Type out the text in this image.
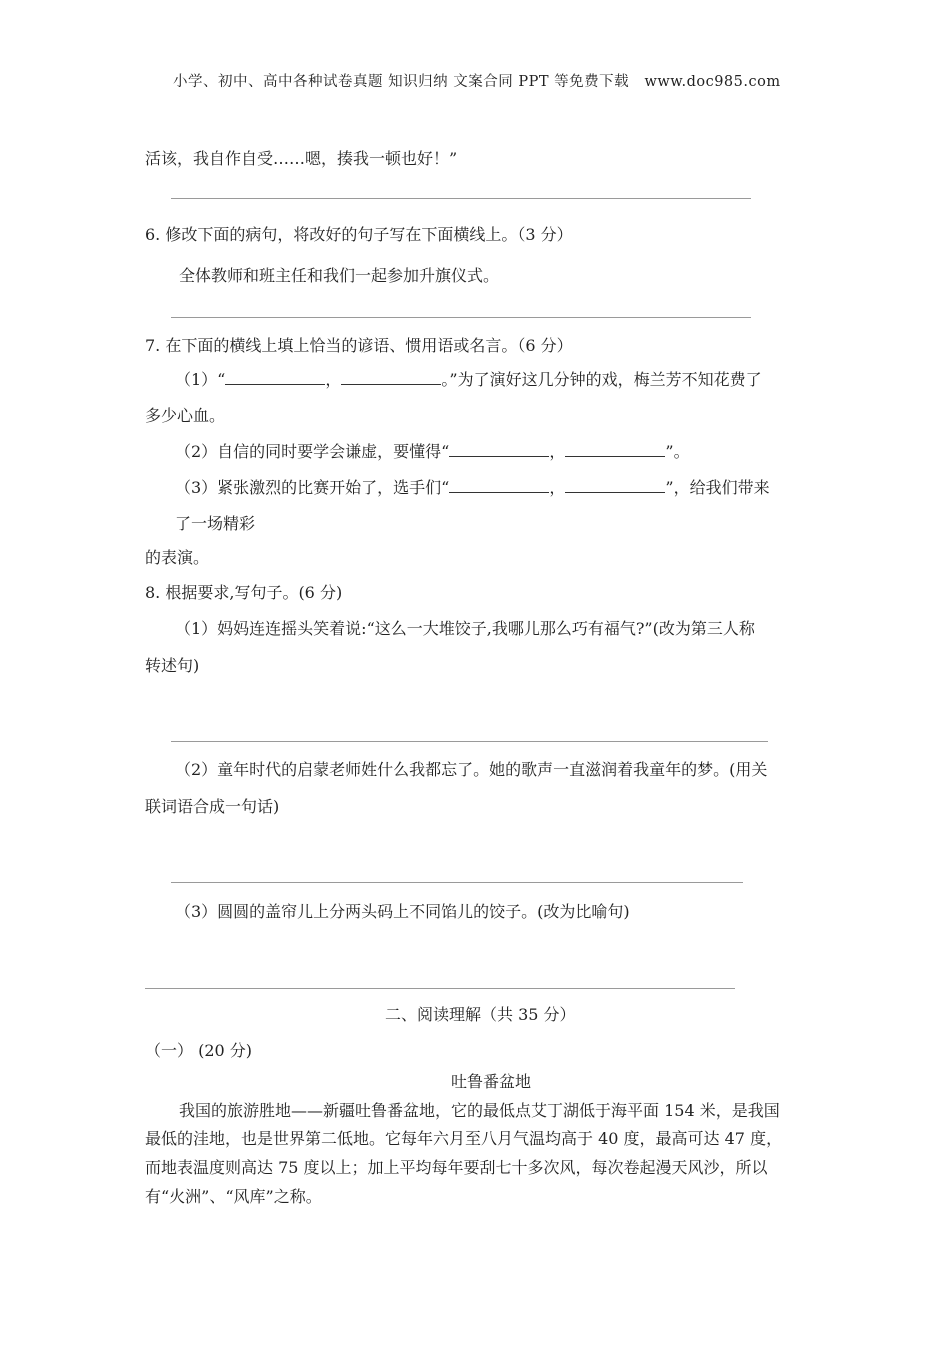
小学、初中、高中各种试卷真题 知识归纳 文案合同 PPT 等免费下载 www.doc985.com
活该，我自作自受……嗯，揍我一顿也好！”
6. 修改下面的病句，将改好的句子写在下面横线上。（3 分）
全体教师和班主任和我们一起参加升旗仪式。
7. 在下面的横线上填上恰当的谚语、惯用语或名言。（6 分）
（1）“	，	。”为了演好这几分钟的戏，梅兰芳不知花费了
多少心血。
（2）自信的同时要学会谦虚，要懂得“	，	”。
（3）紧张激烈的比赛开始了，选手们“	，	”，给我们带来
了一场精彩
的表演。
8. 根据要求,写句子。(6 分)
（1）妈妈连连摇头笑着说:“这么一大堆饺子,我哪儿那么巧有福气?”(改为第三人称
转述句)
（2）童年时代的启蒙老师姓什么我都忘了。她的歌声一直滋润着我童年的梦。(用关
联词语合成一句话)
（3）圆圆的盖帘儿上分两头码上不同馅儿的饺子。(改为比喻句)
二、阅读理解（共 35 分）
（一） (20 分)
吐鲁番盆地
我国的旅游胜地——新疆吐鲁番盆地，它的最低点艾丁湖低于海平面 154 米，是我国
最低的洼地，也是世界第二低地。它每年六月至八月气温均高于 40 度，最高可达 47 度，
而地表温度则高达 75 度以上；加上平均每年要刮七十多次风，每次卷起漫天风沙，所以
有“火洲”、“风库”之称。
